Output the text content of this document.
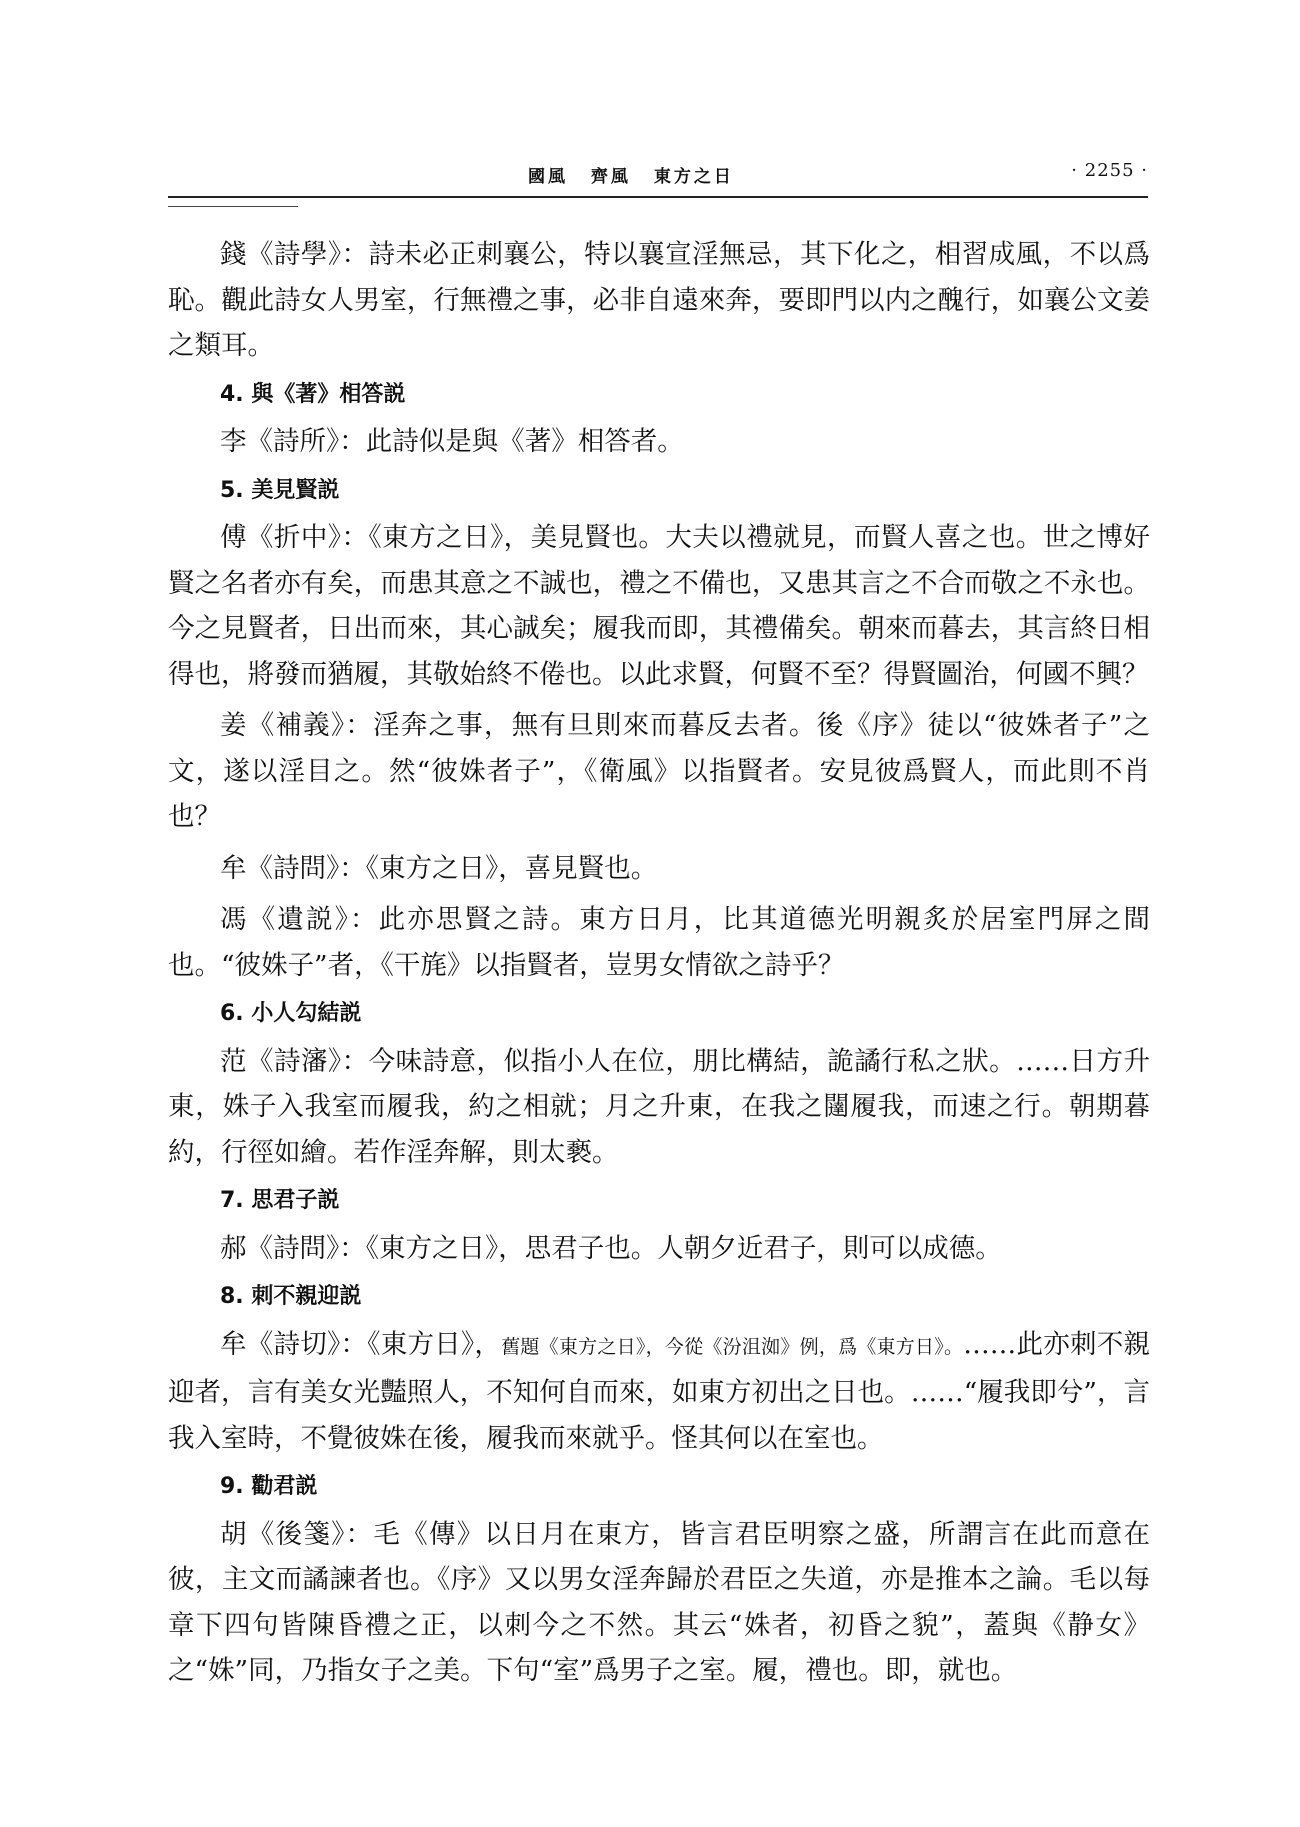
國風 齊風 東方之日	· 2255 ·

錢《詩學》：詩未必正刺襄公，特以襄宣淫無忌，其下化之，相習成風，不以爲恥。觀此詩女人男室，行無禮之事，必非自遠來奔，要即門以内之醜行，如襄公文姜之類耳。

4. 與《著》相答説

李《詩所》：此詩似是與《著》相答者。

5. 美見賢説

傅《折中》：《東方之日》，美見賢也。大夫以禮就見，而賢人喜之也。世之博好賢之名者亦有矣，而患其意之不誠也，禮之不備也，又患其言之不合而敬之不永也。今之見賢者，日出而來，其心誠矣；履我而即，其禮備矣。朝來而暮去，其言終日相得也，將發而猶履，其敬始終不倦也。以此求賢，何賢不至？得賢圖治，何國不興？

姜《補義》：淫奔之事，無有旦則來而暮反去者。後《序》徒以“彼姝者子”之文，遂以淫目之。然“彼姝者子”，《衛風》以指賢者。安見彼爲賢人，而此則不肖也？

牟《詩問》：《東方之日》，喜見賢也。

馮《遺説》：此亦思賢之詩。東方日月，比其道德光明親炙於居室門屏之間也。“彼姝子”者，《干旄》以指賢者，豈男女情欲之詩乎？

6. 小人勾結説

范《詩瀋》：今味詩意，似指小人在位，朋比構結，詭譎行私之狀。……日方升東，姝子入我室而履我，約之相就；月之升東，在我之闥履我，而速之行。朝期暮約，行徑如繪。若作淫奔解，則太褻。

7. 思君子説

郝《詩問》：《東方之日》，思君子也。人朝夕近君子，則可以成德。

8. 刺不親迎説

牟《詩切》：《東方日》，舊題《東方之日》，今從《汾沮洳》例，爲《東方日》。……此亦刺不親迎者，言有美女光豔照人，不知何自而來，如東方初出之日也。……“履我即兮”，言我入室時，不覺彼姝在後，履我而來就乎。怪其何以在室也。

9. 勸君説

胡《後箋》：毛《傳》以日月在東方，皆言君臣明察之盛，所謂言在此而意在彼，主文而譎諫者也。《序》又以男女淫奔歸於君臣之失道，亦是推本之論。毛以每章下四句皆陳昏禮之正，以刺今之不然。其云“姝者，初昏之貌”，蓋與《静女》之“姝”同，乃指女子之美。下句“室”爲男子之室。履，禮也。即，就也。
